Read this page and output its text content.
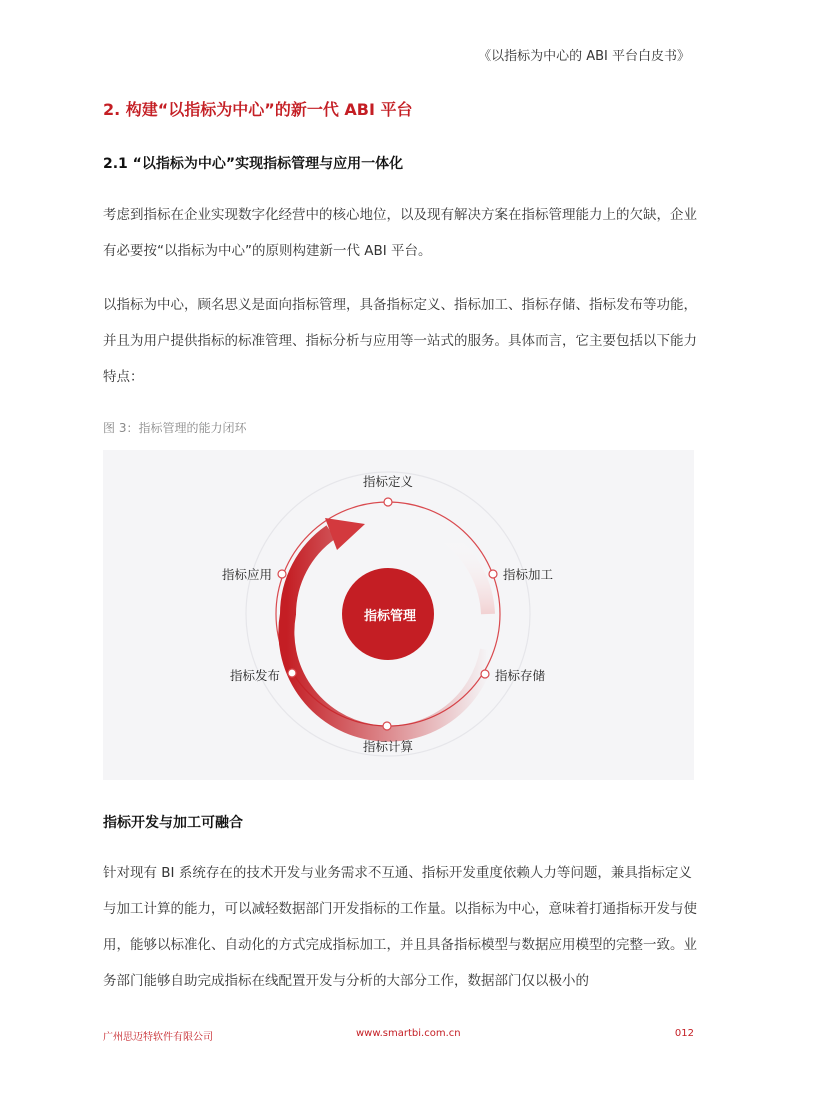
《以指标为中心的 ABI 平台白皮书》
2. 构建“以指标为中心”的新一代 ABI 平台
2.1 “以指标为中心”实现指标管理与应用一体化
考虑到指标在企业实现数字化经营中的核心地位，以及现有解决方案在指标管理能力上的欠缺，企业有必要按“以指标为中心”的原则构建新一代 ABI 平台。
以指标为中心，顾名思义是面向指标管理，具备指标定义、指标加工、指标存储、指标发布等功能，并且为用户提供指标的标准管理、指标分析与应用等一站式的服务。具体而言，它主要包括以下能力特点：
图 3：指标管理的能力闭环
指标管理
指标定义
指标加工
指标存储
指标计算
指标发布
指标应用
指标开发与加工可融合
针对现有 BI 系统存在的技术开发与业务需求不互通、指标开发重度依赖人力等问题，兼具指标定义与加工计算的能力，可以减轻数据部门开发指标的工作量。以指标为中心，意味着打通指标开发与使用，能够以标准化、自动化的方式完成指标加工，并且具备指标模型与数据应用模型的完整一致。业务部门能够自助完成指标在线配置开发与分析的大部分工作，数据部门仅以极小的
广州思迈特软件有限公司	www.smartbi.com.cn	012
